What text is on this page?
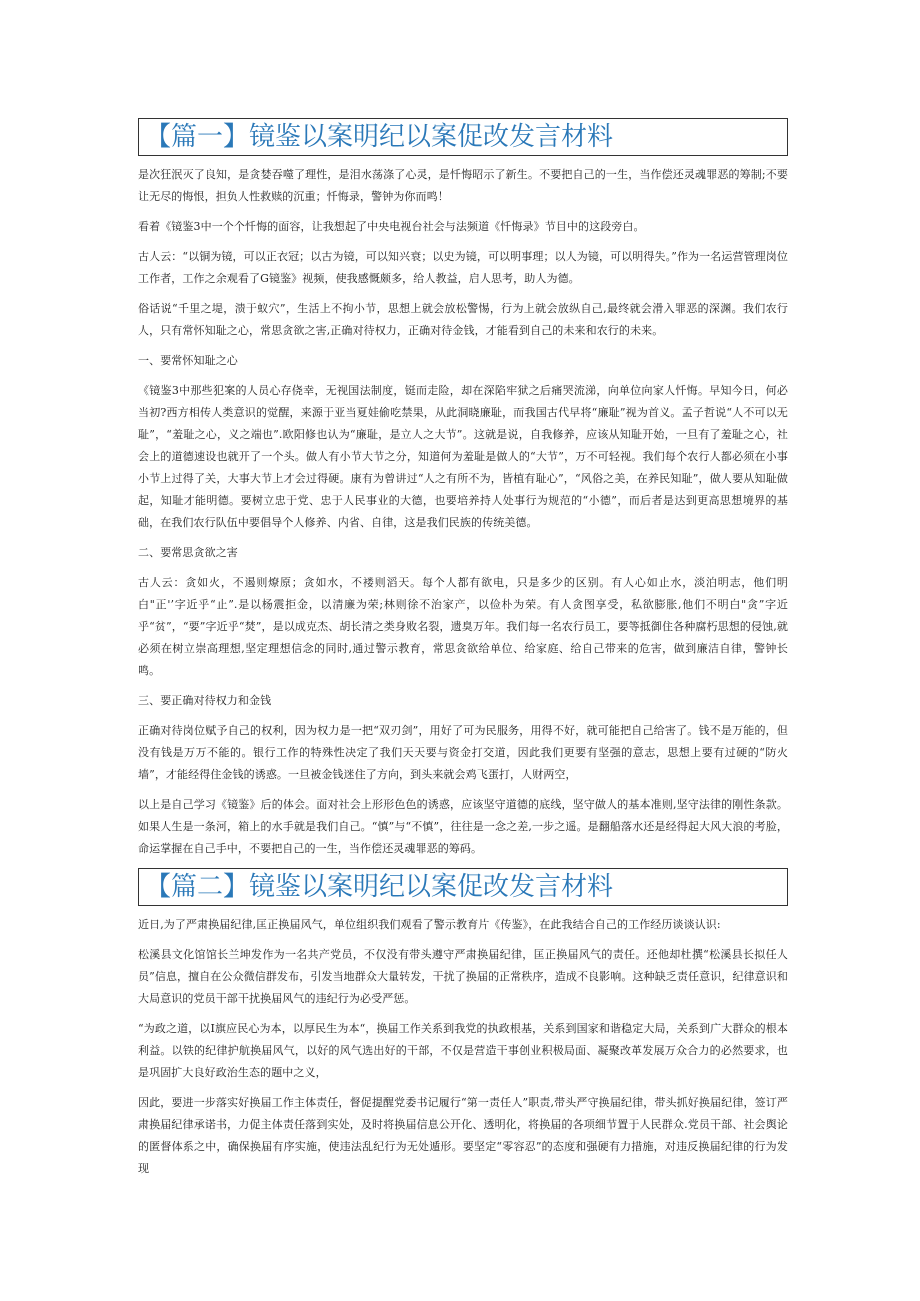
【篇一】镜鉴以案明纪以案促改发言材料

是次狂泯灭了良知，是贪婪吞噬了理性，是泪水荡涤了心灵，是忏悔昭示了新生。不要把自己的一生，当作偿还灵魂罪恶的筹制;不要让无尽的悔恨，担负人性救赎的沉重；忏悔录，警钟为你而鸣！

看着《镜鉴3中一个个忏悔的面容，让我想起了中央电视台社会与法频道《忏悔录》节目中的这段旁白。

古人云：“以铜为镜，可以正衣冠；以古为镜，可以知兴衰；以史为镜，可以明事理；以人为镜，可以明得失。”作为一名运营管理岗位工作者，工作之余观看了G镜鉴》视频，使我感慨颇多，给人教益，启人思考，助人为德。

俗话说“千里之堤，溃于蚁穴”，生活上不拘小节，思想上就会放松警惕，行为上就会放纵自己,最终就会滑入罪恶的深渊。我们农行人，只有常怀知耻之心，常思贪欲之害,正确对待权力，正确对待金钱，才能看到自己的未来和农行的未来。

一、要常怀知耻之心

《镜鉴3中那些犯案的人员心存侥幸，无视国法制度，铤而走险，却在深陷牢狱之后痛哭流涕，向单位向家人忏悔。早知今日，何必当初?西方相传人类意识的觉醒，来源于亚当夏娃偷吃禁果，从此洞晓廉耻，而我国古代早将“廉耻”视为首义。孟子哲说“人不可以无耻”，“羞耻之心，义之端也”.欧阳修也认为“廉耻，是立人之大节”。这就是说，自我修养，应该从知耻开始，一旦有了羞耻之心，社会上的道德速设也就开了一个头。做人有小节大节之分，知道何为羞耻是做人的“大节”，万不可轻视。我们每个农行人都必须在小事小节上过得了关，大事大节上才会过得硬。康有为曾讲过“人之有所不为，皆植有耻心”，“风俗之美，在养民知耻”，做人要从知耻做起，知耻才能明德。要树立忠于党、忠于人民事业的大德，也要培养持人处事行为规范的“小德”，而后者是达到更高思想境界的基础，在我们农行队伍中要倡导个人修养、内省、自律，这是我们民族的传统美德。

二、要常思贪欲之害

古人云：贪如火，不遏则燎原；贪如水，不褛则滔天。每个人都有欲电，只是多少的区别。有人心如止水，淡泊明志，他们明白"正'’字近乎“止”.是以杨震拒金，以清廉为荣;林则徐不治家产，以俭朴为荣。有人贪图享受，私欲膨胀,他们不明白"贪”字近乎“贫”，“要”字近乎“焚”，是以成克杰、胡长清之类身败名裂，遗臭万年。我们每一名农行员工，要等抵御住各种腐朽思想的侵蚀,就必须在树立崇高理想,坚定理想信念的同时,通过警示教育，常思贪欲给单位、给家庭、给自己带来的危害，做到廉洁自律，警钟长鸣。

三、要正确对待权力和金钱

正确对待岗位赋予自己的权利，因为权力是一把“双刃剑”，用好了可为民服务，用得不好，就可能把自己给害了。钱不是万能的，但没有钱是万万不能的。银行工作的特殊性决定了我们天天要与资金打交道，因此我们更要有坚强的意志，思想上要有过硬的“防火墙”，才能经得住金钱的诱惑。一旦被金钱迷住了方向，到头来就会鸡飞蛋打，人财两空，

以上是自己学习《镜鉴》后的体会。面对社会上形形色色的诱惑，应该坚守道德的底线，坚守做人的基本准则,坚守法律的刚性条款。如果人生是一条河，箱上的水手就是我们自己。“慎”与“不慎”，往往是一念之差,一步之遥。是翻船落水还是经得起大风大浪的考脸，命运掌握在自己手中，不要把自己的一生，当作偿还灵魂罪恶的筹码。

【篇二】镜鉴以案明纪以案促改发言材料

近日,为了严肃换届纪律,匡正换届风气，单位组织我们观看了警示教育片《传鉴》，在此我结合自己的工作经历谈谈认识:

松溪县文化馆馆长兰坤发作为一名共产党员，不仅没有带头遵守严肃换届纪律，匡正换届风气的责任。还他却杜撰“松溪县长拟任人员”信息，擅自在公众微信群发布，引发当地群众大量转发，干扰了换届的正常秩序，造成不良影响。这种缺乏责任意识，纪律意识和大局意识的党员干部干扰换届风气的违纪行为必受严惩。

“为政之道，以Ⅰ旗应民心为本，以厚民生为本“，换届工作关系到我党的执政根基，关系到国家和谐稳定大局，关系到广大群众的根本利益。以铁的纪律护航换届风气，以好的风气选出好的干部，不仅是营造干事创业积极局面、凝聚改革发展万众合力的必然要求，也是巩固扩大良好政治生态的题中之义，

因此，要进一步落实好换届工作主体责任，督促提醒党委书记履行“第一责任人”职责,带头严守换届纪律，带头抓好换届纪律，签订严肃换届纪律承诺书，力促主体责任落到实处，及时将换届信息公开化、透明化，将换届的各项细节置于人民群众.党员干部、社会舆论的匿督体系之中，确保换届有序实施，使违法乱纪行为无处遁形。要坚定“零容忍”的态度和强硬有力措施，对违反换届纪律的行为发现
